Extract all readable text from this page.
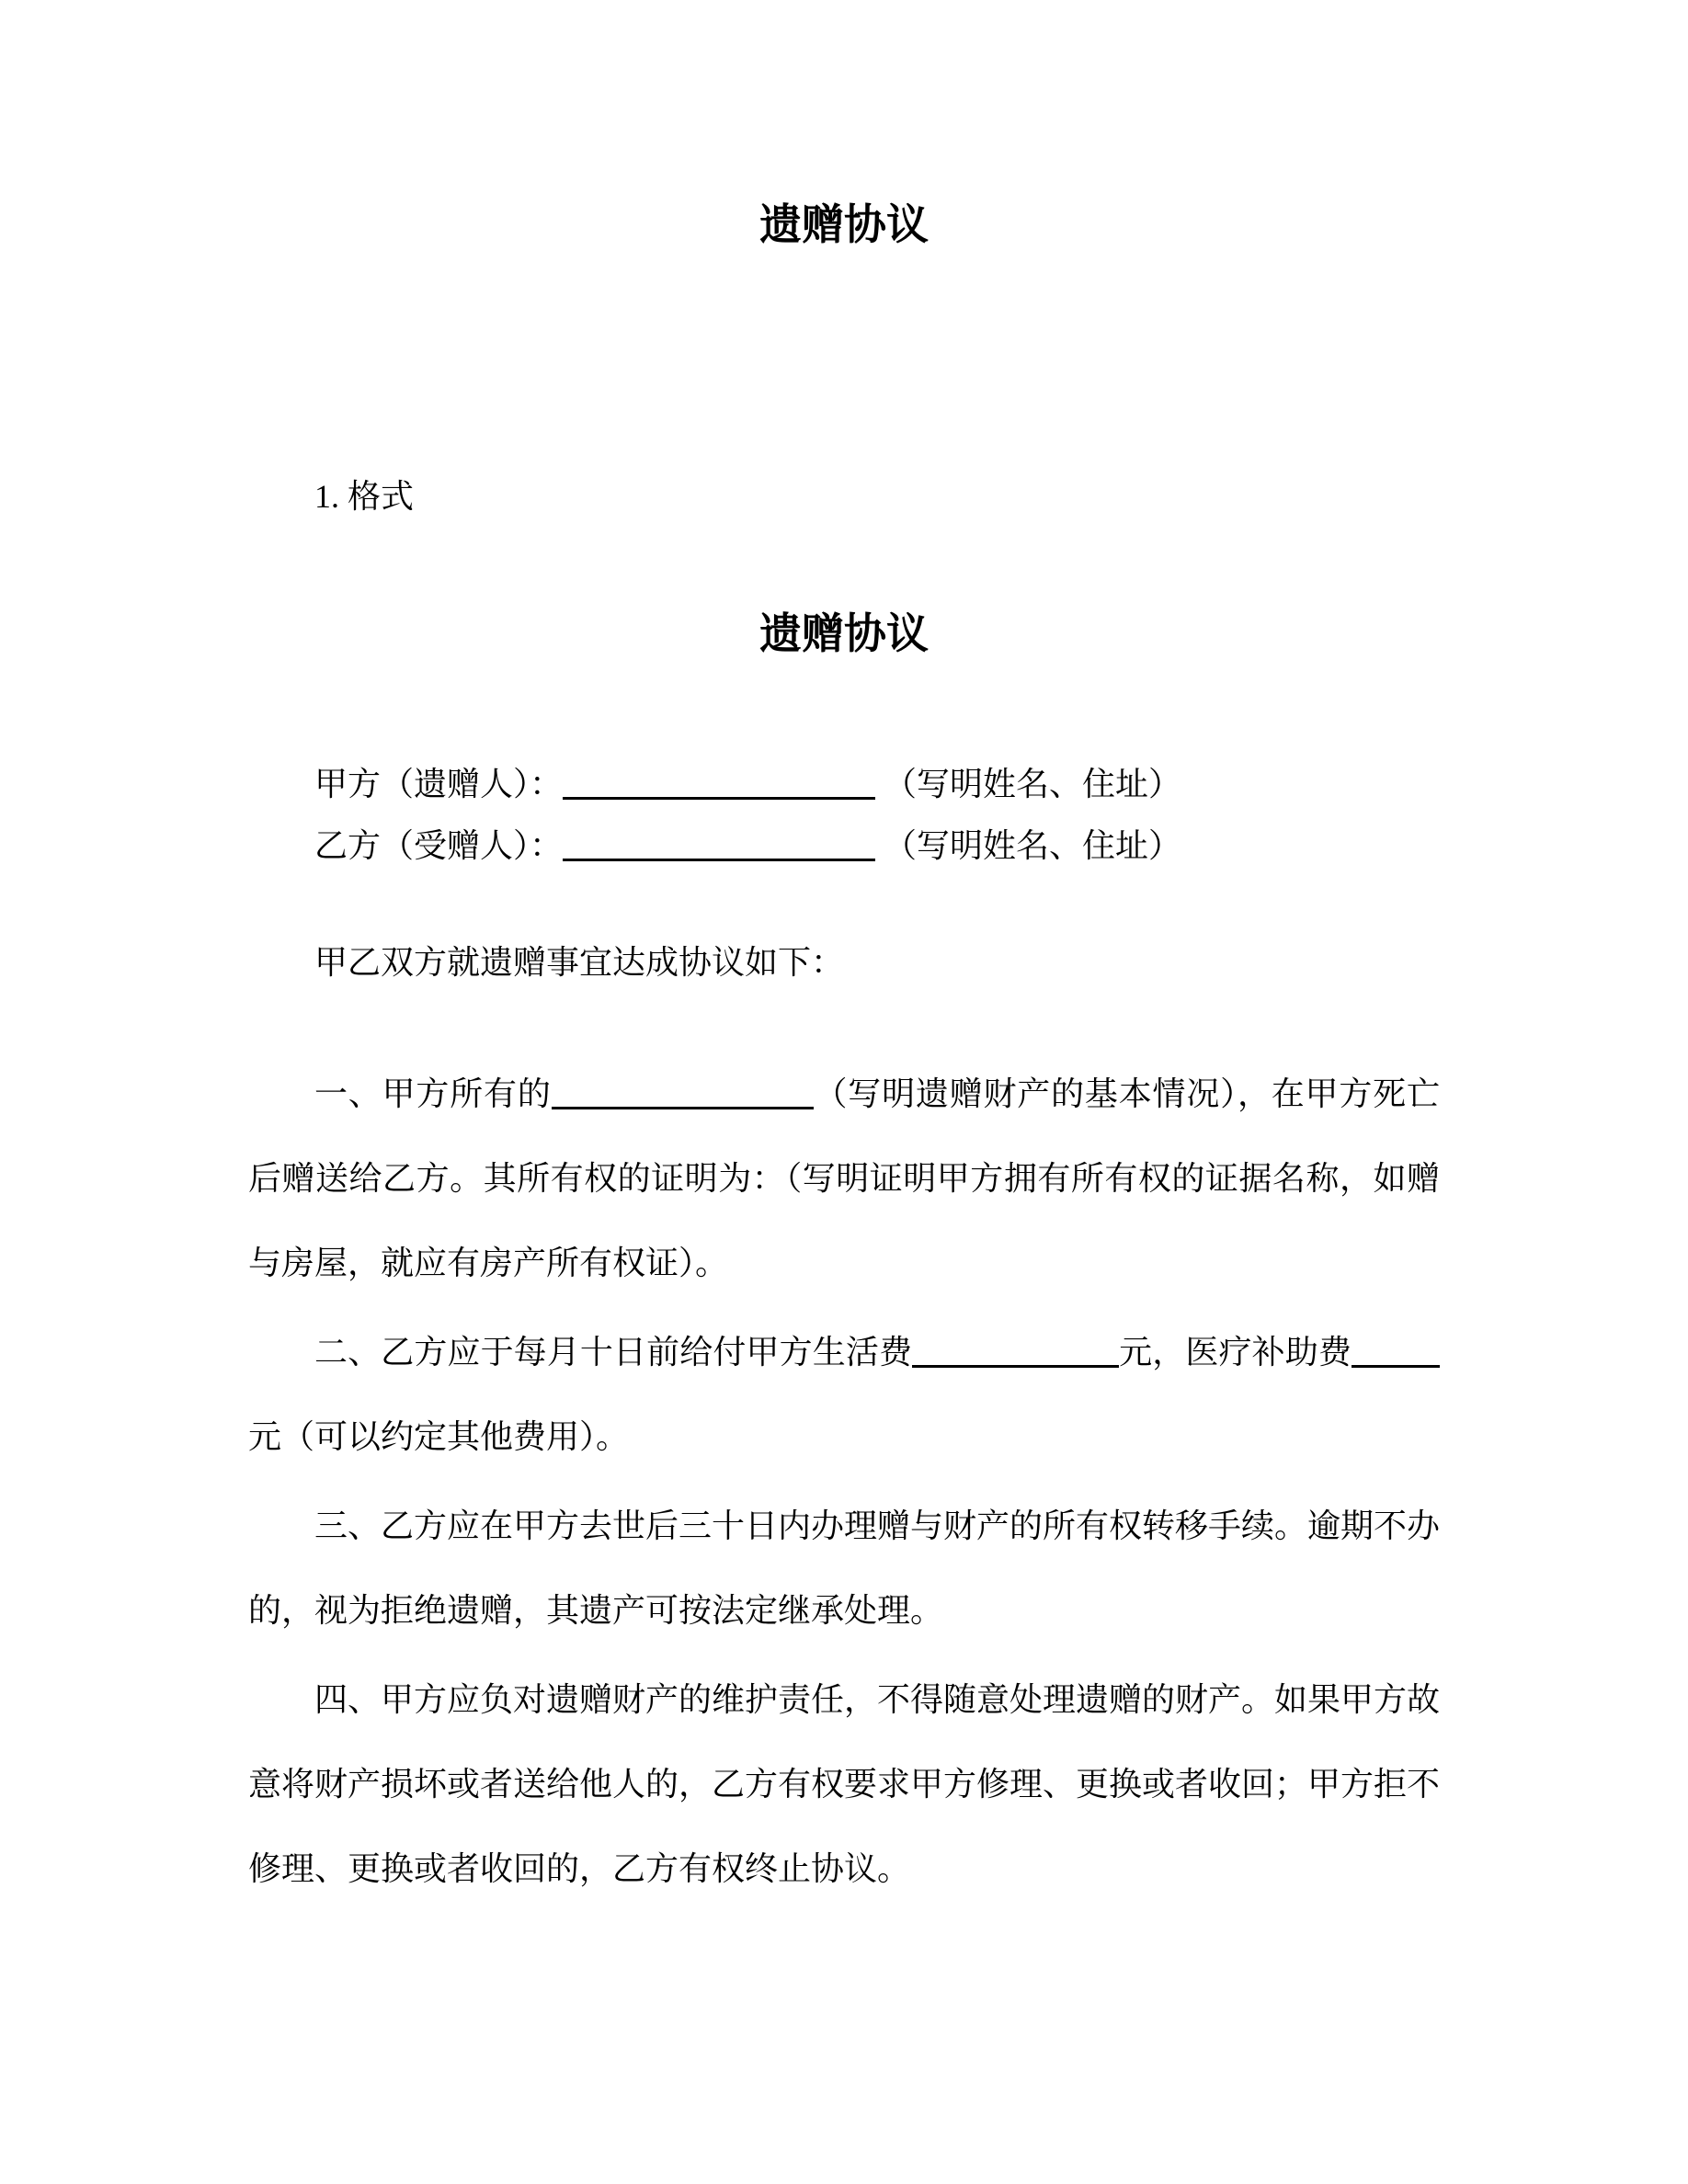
遗赠协议

1. 格式

遗赠协议

甲方（遗赠人）：	（写明姓名、住址）

乙方（受赠人）：	（写明姓名、住址）

甲乙双方就遗赠事宜达成协议如下：

一、甲方所有的	（写明遗赠财产的基本情况），在甲方死亡后赠送给乙方。其所有权的证明为：（写明证明甲方拥有所有权的证据名称，如赠与房屋，就应有房产所有权证）。

二、乙方应于每月十日前给付甲方生活费	元，医疗补助费元（可以约定其他费用）。

三、乙方应在甲方去世后三十日内办理赠与财产的所有权转移手续。逾期不办的，视为拒绝遗赠，其遗产可按法定继承处理。

四、甲方应负对遗赠财产的维护责任，不得随意处理遗赠的财产。如果甲方故意将财产损坏或者送给他人的，乙方有权要求甲方修理、更换或者收回；甲方拒不修理、更换或者收回的，乙方有权终止协议。
